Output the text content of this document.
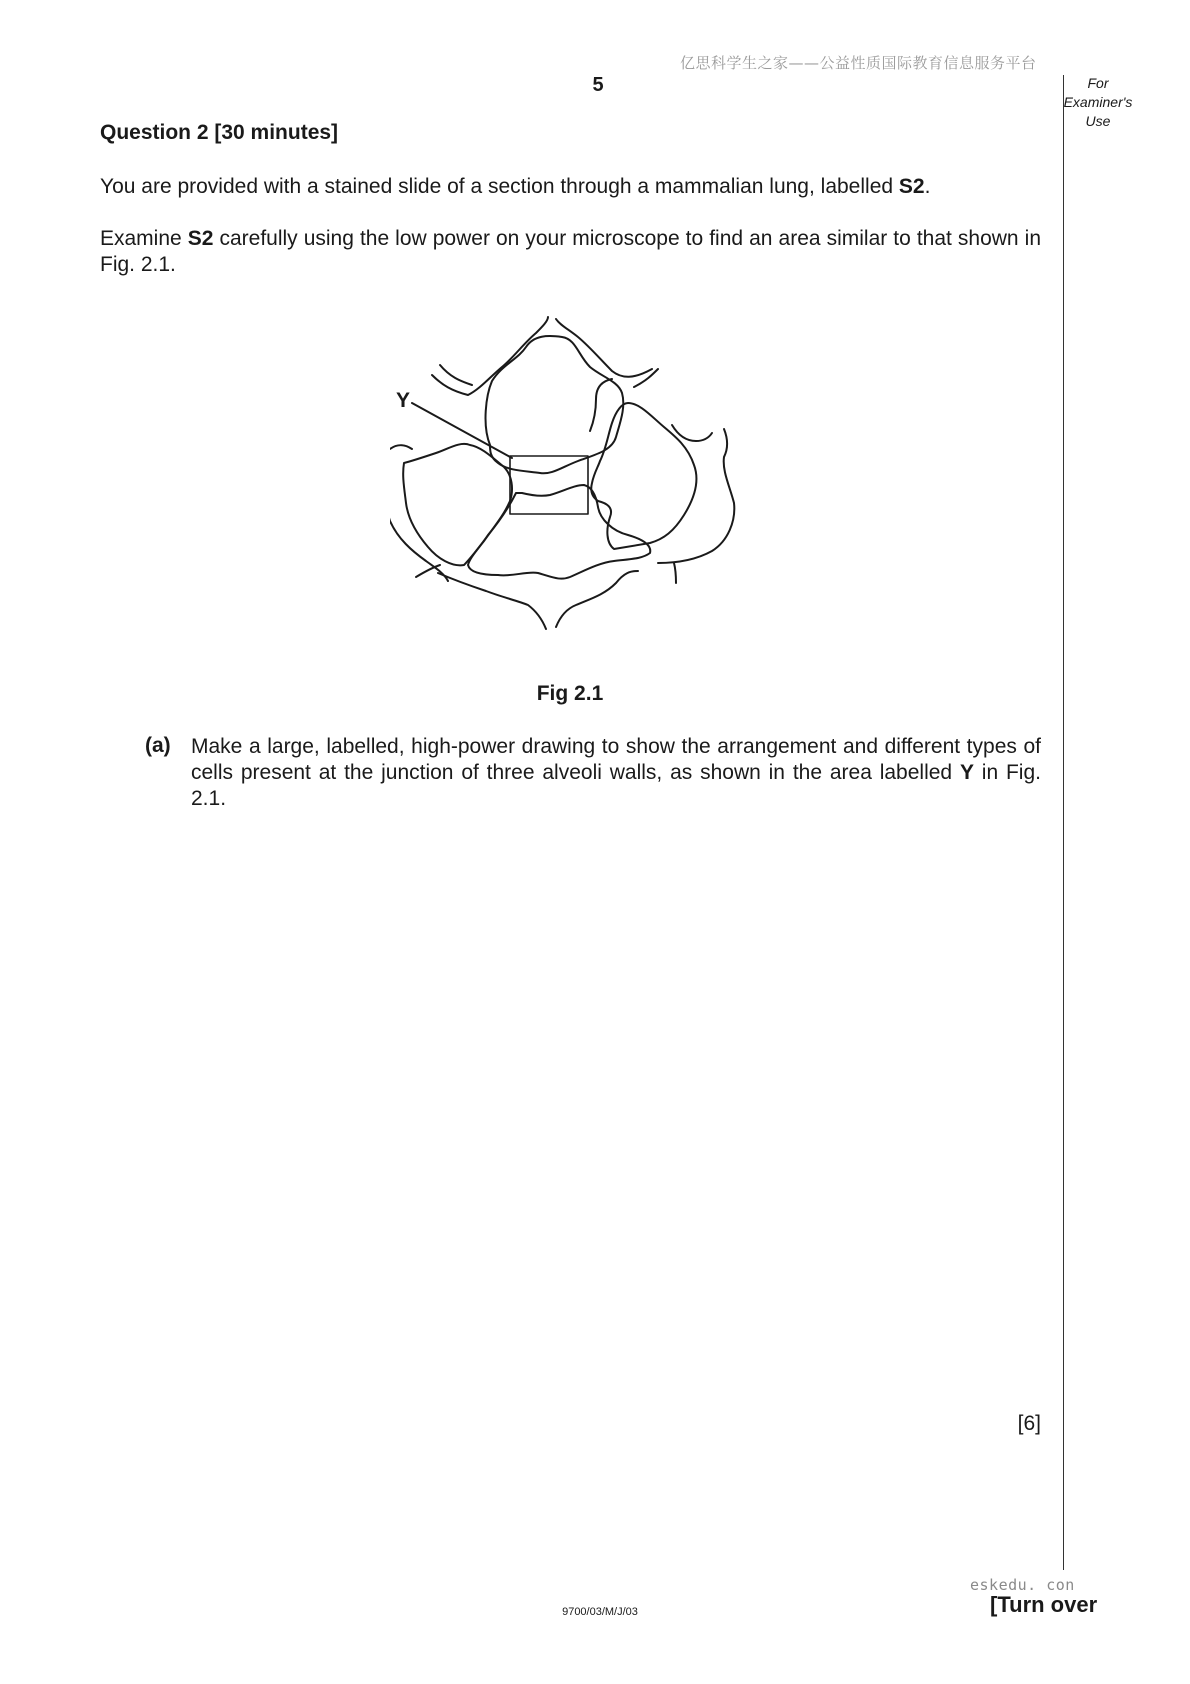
亿思科学生之家——公益性质国际教育信息服务平台
5	For
Examiner's
Use
Question 2 [30 minutes]
You are provided with a stained slide of a section through a mammalian lung, labelled S2.
Examine S2 carefully using the low power on your microscope to find an area similar to that shown in Fig. 2.1.
Y
Fig 2.1
(a) Make a large, labelled, high-power drawing to show the arrangement and different types of cells present at the junction of three alveoli walls, as shown in the area labelled Y in Fig. 2.1.
[6]
eskedu. con
9700/03/M/J/03	[Turn over
